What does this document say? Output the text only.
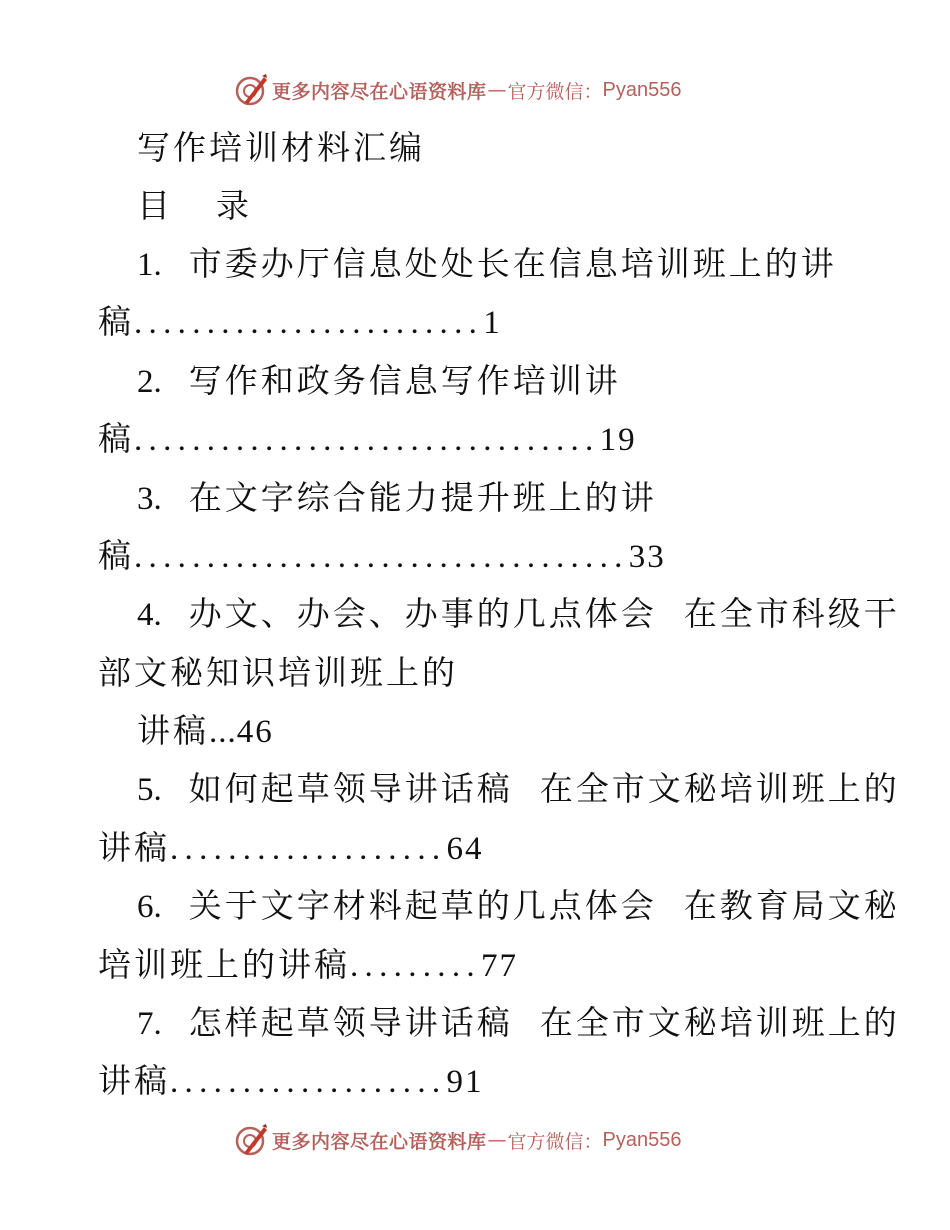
更多内容尽在心语资料库 — 官方微信： Pyan556
写作培训材料汇编
目  录
1. 市委办厅信息处处长在信息培训班上的讲
稿........................1
2. 写作和政务信息写作培训讲
稿................................19
3. 在文字综合能力提升班上的讲
稿..................................33
4. 办文、办会、办事的几点体会  在全市科级干
部文秘知识培训班上的
讲稿...46
5. 如何起草领导讲话稿  在全市文秘培训班上的
讲稿...................64
6. 关于文字材料起草的几点体会  在教育局文秘
培训班上的讲稿.........77
7. 怎样起草领导讲话稿  在全市文秘培训班上的
讲稿...................91
更多内容尽在心语资料库 — 官方微信： Pyan556
